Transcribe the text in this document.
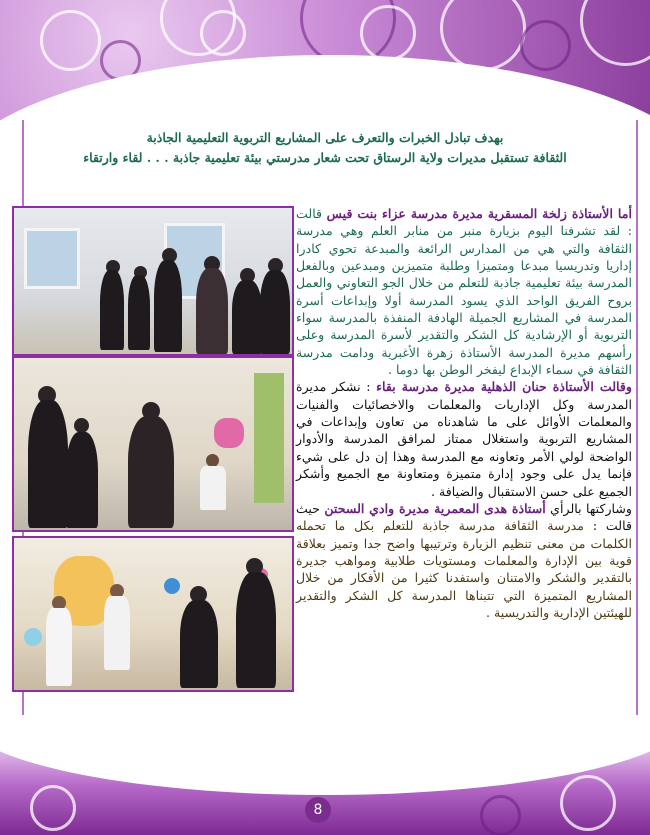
بهدف تبادل الخبرات والتعرف على المشاريع التربوية التعليمية الجاذبة
الثقافة تستقبل مديرات ولاية الرستاق تحت شعار مدرستي بيئة تعليمية جاذبة . . . لقاء وارتقاء

أما الأستاذة زلخة المسقرية مديرة مدرسة عزاء بنت قيس قالت : لقد تشرفنا اليوم بزيارة منبر من منابر العلم وهي مدرسة الثقافة والتي هي من المدارس الرائعة والمبدعة تحوي كادرا إداريا وتدريسيا مبدعا ومتميزا وطلبة متميزين ومبدعين وبالفعل المدرسة بيئة تعليمية جاذبة للتعلم من خلال الجو التعاوني والعمل بروح الفريق الواحد الذي يسود المدرسة أولا وإبداعات أسرة المدرسة في المشاريع الجميلة الهادفة المنفذة بالمدرسة سواء التربوية أو الإرشادية كل الشكر والتقدير لأسرة المدرسة وعلى رأسهم مديرة المدرسة الأستاذة زهرة الأغبرية ودامت مدرسة الثقافة في سماء الإبداع ليفخر الوطن بها دوما .

وقالت الأستاذة حنان الذهلية مديرة مدرسة بقاء : نشكر مديرة المدرسة وكل الإداريات والمعلمات والاخصائيات والفنيات والمعلمات الأوائل على ما شاهدناه من تعاون وإبداعات في المشاريع التربوية واستغلال ممتاز لمرافق المدرسة والأدوار الواضحة لولي الأمر وتعاونه مع المدرسة وهذا إن دل على شيء فإنما يدل على وجود إدارة متميزة ومتعاونة مع الجميع وأشكر الجميع على حسن الاستقبال والضيافة .

وشاركتها بالرأي أستاذة هدى المعمرية مديرة وادي السحتن حيث قالت : مدرسة الثقافة مدرسة جاذبة للتعلم بكل ما تحمله الكلمات من معنى تنظيم الزيارة وترتيبها واضح جدا وتميز بعلاقة قوية بين الإدارة والمعلمات ومستويات طلابية ومواهب جديرة بالتقدير والشكر والامتنان واستفدنا كثيرا من الأفكار من خلال المشاريع المتميزة التي تتبناها المدرسة كل الشكر والتقدير للهيئتين الإدارية والتدريسية .

8
